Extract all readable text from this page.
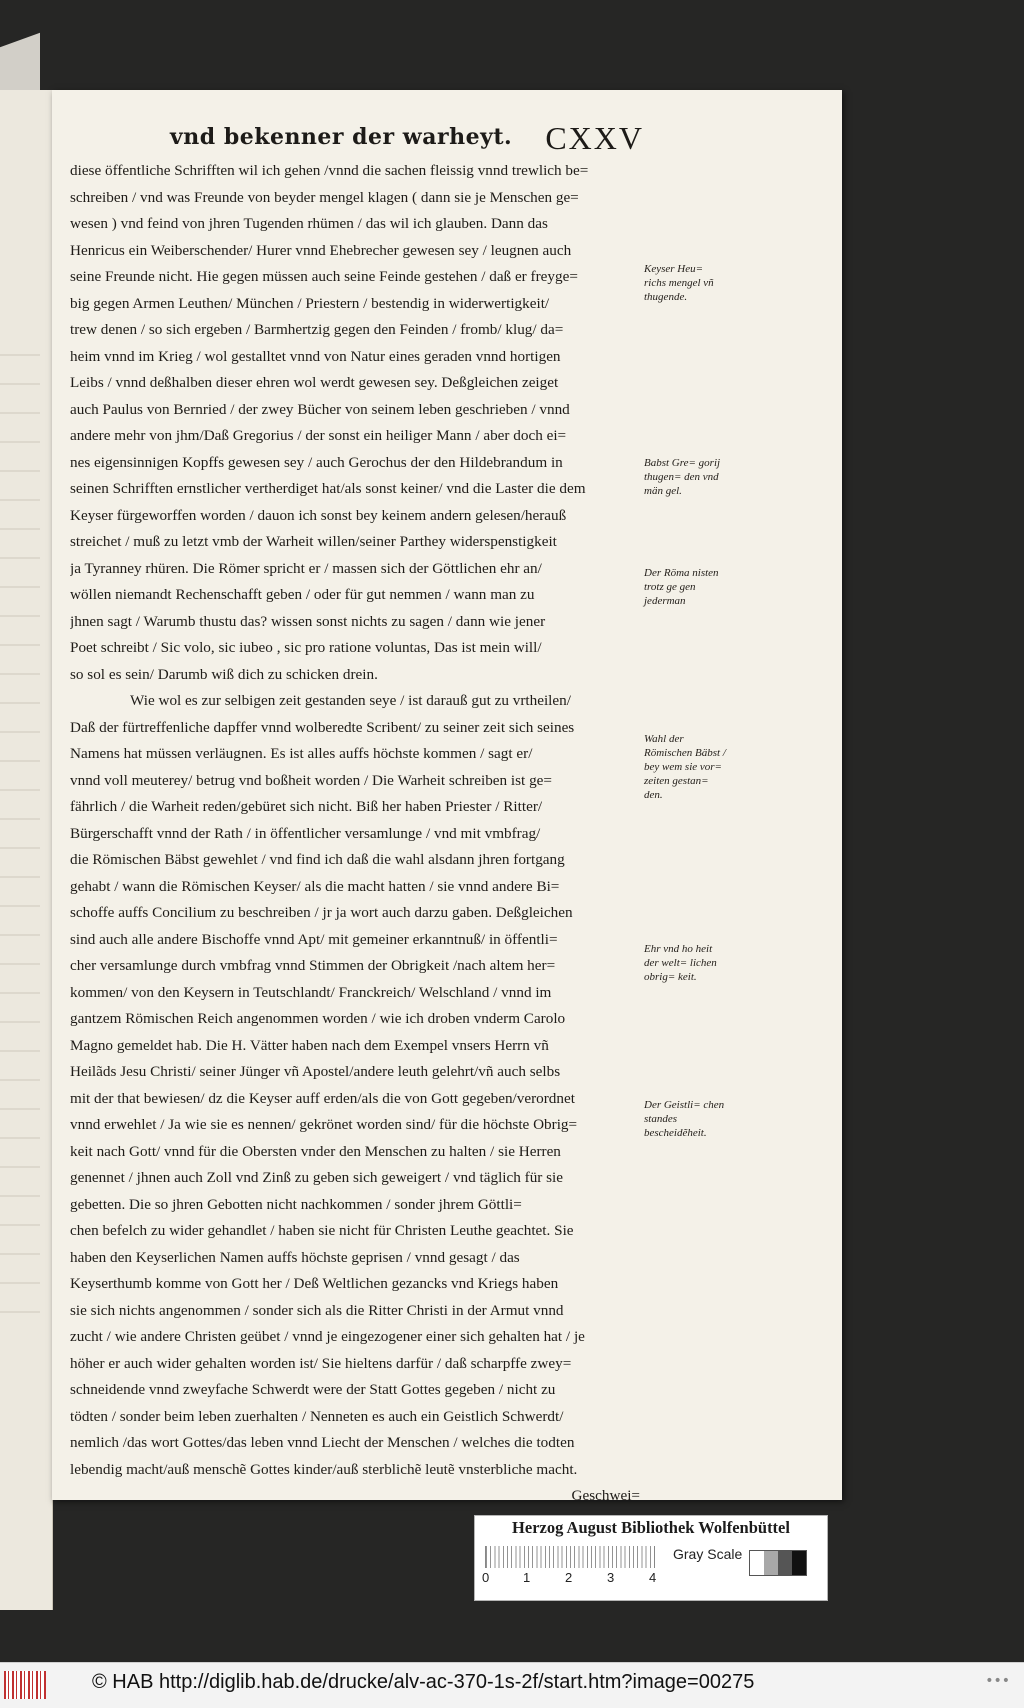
vnd bekenner der warheyt. CXXV
diese öffentliche Schrifften wil ich gehen /vnnd die sachen fleissig vnnd trewlich be=
schreiben / vnd was Freunde von beyder mengel klagen ( dann sie je Menschen ge=
wesen ) vnd feind von jhren Tugenden rhümen / das wil ich glauben. Dann das
Henricus ein Weiberschender/ Hurer vnnd Ehebrecher gewesen sey / leugnen auch
seine Freunde nicht. Hie gegen müssen auch seine Feinde gestehen / daß er freyge=
big gegen Armen Leuthen/ München / Priestern / bestendig in widerwertigkeit/
trew denen / so sich ergeben / Barmhertzig gegen den Feinden / fromb/ klug/ da=
heim vnnd im Krieg / wol gestalltet vnnd von Natur eines geraden vnnd hortigen
Leibs / vnnd deßhalben dieser ehren wol werdt gewesen sey. Deßgleichen zeiget
auch Paulus von Bernried / der zwey Bücher von seinem leben geschrieben / vnnd
andere mehr von jhm/Daß Gregorius / der sonst ein heiliger Mann / aber doch ei=
nes eigensinnigen Kopffs gewesen sey / auch Gerochus der den Hildebrandum in
seinen Schrifften ernstlicher vertherdiget hat/als sonst keiner/ vnd die Laster die dem
Keyser fürgeworffen worden / dauon ich sonst bey keinem andern gelesen/herauß
streichet / muß zu letzt vmb der Warheit willen/seiner Parthey widerspenstigkeit
ja Tyranney rhüren. Die Römer spricht er / massen sich der Göttlichen ehr an/
wöllen niemandt Rechenschafft geben / oder für gut nemmen / wann man zu
jhnen sagt / Warumb thustu das? wissen sonst nichts zu sagen / dann wie jener
Poet schreibt / Sic volo, sic iubeo , sic pro ratione voluntas, Das ist mein will/
so sol es sein/ Darumb wiß dich zu schicken drein.
Wie wol es zur selbigen zeit gestanden seye / ist darauß gut zu vrtheilen/
Daß der fürtreffenliche dapffer vnnd wolberedte Scribent/ zu seiner zeit sich seines
Namens hat müssen verläugnen. Es ist alles auffs höchste kommen / sagt er/
vnnd voll meuterey/ betrug vnd boßheit worden / Die Warheit schreiben ist ge=
fährlich / die Warheit reden/gebüret sich nicht. Biß her haben Priester / Ritter/
Bürgerschafft vnnd der Rath / in öffentlicher versamlunge / vnd mit vmbfrag/
die Römischen Bäbst gewehlet / vnd find ich daß die wahl alsdann jhren fortgang
gehabt / wann die Römischen Keyser/ als die macht hatten / sie vnnd andere Bi=
schoffe auffs Concilium zu beschreiben / jr ja wort auch darzu gaben. Deßgleichen
sind auch alle andere Bischoffe vnnd Apt/ mit gemeiner erkanntnuß/ in öffentli=
cher versamlunge durch vmbfrag vnnd Stimmen der Obrigkeit /nach altem her=
kommen/ von den Keysern in Teutschlandt/ Franckreich/ Welschland / vnnd im
gantzem Römischen Reich angenommen worden / wie ich droben vnderm Carolo
Magno gemeldet hab. Die H. Vätter haben nach dem Exempel vnsers Herrn vñ
Heilãds Jesu Christi/ seiner Jünger vñ Apostel/andere leuth gelehrt/vñ auch selbs
mit der that bewiesen/ dz die Keyser auff erden/als die von Gott gegeben/verordnet
vnnd erwehlet / Ja wie sie es nennen/ gekrönet worden sind/ für die höchste Obrig=
keit nach Gott/ vnnd für die Obersten vnder den Menschen zu halten / sie Herren
genennet / jhnen auch Zoll vnd Zinß zu geben sich geweigert / vnd täglich für sie
gebetten. Die so jhren Gebotten nicht nachkommen / sonder jhrem Göttli=
chen befelch zu wider gehandlet / haben sie nicht für Christen Leuthe geachtet. Sie
haben den Keyserlichen Namen auffs höchste geprisen / vnnd gesagt / das
Keyserthumb komme von Gott her / Deß Weltlichen gezancks vnd Kriegs haben
sie sich nichts angenommen / sonder sich als die Ritter Christi in der Armut vnnd
zucht / wie andere Christen geübet / vnnd je eingezogener einer sich gehalten hat / je
höher er auch wider gehalten worden ist/ Sie hieltens darfür / daß scharpffe zwey=
schneidende vnnd zweyfache Schwerdt were der Statt Gottes gegeben / nicht zu
tödten / sonder beim leben zuerhalten / Nenneten es auch ein Geistlich Schwerdt/
nemlich /das wort Gottes/das leben vnnd Liecht der Menschen / welches die todten
lebendig macht/auß menschẽ Gottes kinder/auß sterblichẽ leutẽ vnsterbliche macht.
Geschwei=
Keyser Heu= richs mengel vñ thugende.
Babst Gre= gorij thugen= den vnd män gel.
Der Röma nisten trotz ge gen jederman
Wahl der Römischen Bäbst / bey wem sie vor= zeiten gestan= den.
Ehr vnd ho heit der welt= lichen obrig= keit.
Der Geistli= chen standes bescheidẽheit.
Herzog August Bibliothek Wolfenbüttel
0	1	2	3	4
Gray Scale
© HAB http://diglib.hab.de/drucke/alv-ac-370-1s-2f/start.htm?image=00275	•••
